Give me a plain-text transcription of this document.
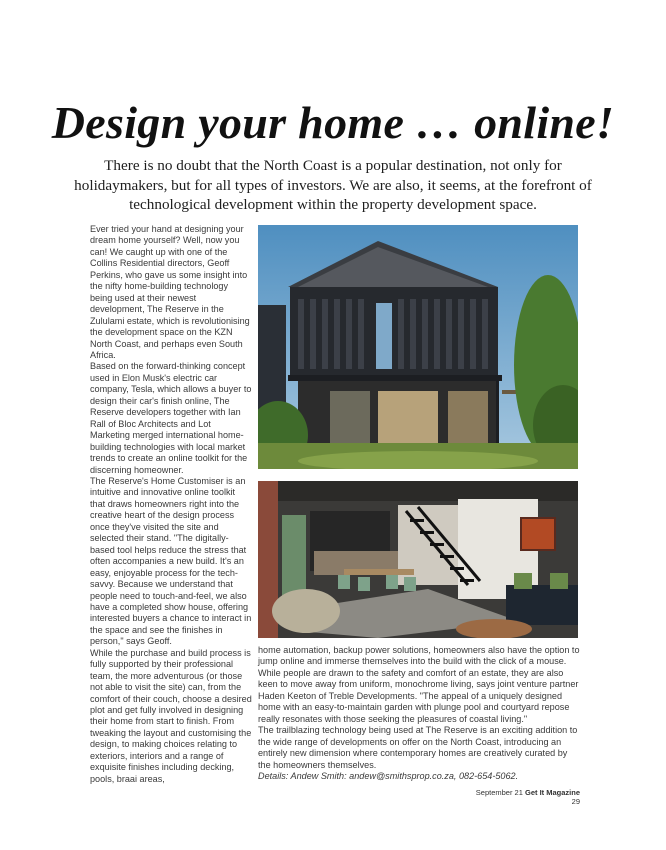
Design your home … online!
There is no doubt that the North Coast is a popular destination, not only for holidaymakers, but for all types of investors. We are also, it seems, at the forefront of technological development within the property development space.

Ever tried your hand at designing your dream home yourself? Well, now you can! We caught up with one of the Collins Residential directors, Geoff Perkins, who gave us some insight into the nifty home-building technology being used at their newest development, The Reserve in the Zululami estate, which is revolutionising the development space on the KZN North Coast, and perhaps even South Africa.

Based on the forward-thinking concept used in Elon Musk's electric car company, Tesla, which allows a buyer to design their car's finish online, The Reserve developers together with Ian Rall of Bloc Architects and Lot Marketing merged international home-building technologies with local market trends to create an online toolkit for the discerning homeowner.

The Reserve's Home Customiser is an intuitive and innovative online toolkit that draws homeowners right into the creative heart of the design process once they've visited the site and selected their stand. "The digitally-based tool helps reduce the stress that often accompanies a new build. It's an easy, enjoyable process for the tech-savvy. Because we understand that people need to touch-and-feel, we also have a completed show house, offering interested buyers a chance to interact in the space and see the finishes in person," says Geoff.

While the purchase and build process is fully supported by their professional team, the more adventurous (or those not able to visit the site) can, from the comfort of their couch, choose a desired plot and get fully involved in designing their home from start to finish. From tweaking the layout and customising the design, to making choices relating to exteriors, interiors and a range of exquisite finishes including decking, pools, braai areas,

home automation, backup power solutions, homeowners also have the option to jump online and immerse themselves into the build with the click of a mouse.

While people are drawn to the safety and comfort of an estate, they are also keen to move away from uniform, monochrome living, says joint venture partner Haden Keeton of Treble Developments. "The appeal of a uniquely designed home with an easy-to-maintain garden with plunge pool and courtyard repose really resonates with those seeking the pleasures of coastal living."

The trailblazing technology being used at The Reserve is an exciting addition to the wide range of developments on offer on the North Coast, introducing an entirely new dimension where contemporary homes are creatively curated by the homeowners themselves.

Details: Andew Smith: andew@smithsprop.co.za, 082-654-5062.

September 21 Get It Magazine 29
